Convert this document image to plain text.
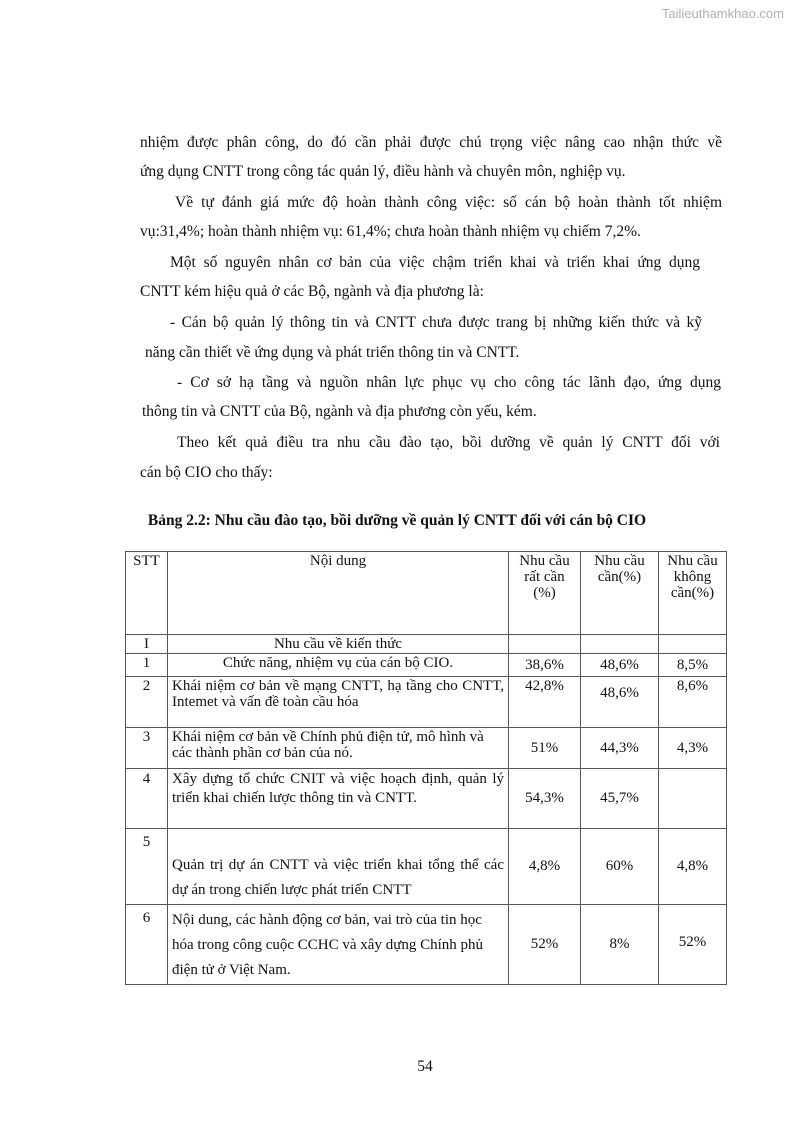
Tailieuthamkhao.com
nhiệm được phân công, do đó cần phải được chú trọng việc nâng cao nhận thức về
ứng dụng CNTT trong công tác quản lý, điều hành và chuyên môn, nghiệp vụ.
Về tự đánh giá mức độ hoàn thành công việc: số cán bộ hoàn thành tốt nhiệm
vụ:31,4%; hoàn thành nhiệm vụ: 61,4%; chưa hoàn thành nhiệm vụ chiếm 7,2%.
Một số nguyên nhân cơ bản của việc chậm triển khai và triển khai ứng dụng
CNTT kém hiệu quả ở các Bộ, ngành và địa phương là:
- Cán bộ quản lý thông tin và CNTT chưa được trang bị những kiến thức và kỹ
năng cần thiết về ứng dụng và phát triển thông tin và CNTT.
- Cơ sở hạ tầng và nguồn nhân lực phục vụ cho công tác lãnh đạo, ứng dụng
thông tin và CNTT của Bộ, ngành và địa phương còn yếu, kém.
Theo kết quả điều tra nhu cầu đào tạo, bồi dưỡng về quản lý CNTT đối với
cán bộ CIO cho thấy:
Bảng 2.2: Nhu cầu đào tạo, bồi dưỡng về quản lý CNTT đối với cán bộ CIO
STT	Nội dung	Nhu cầu rất cần (%)	Nhu cầu cần(%)	Nhu cầu không cần(%)
I	Nhu cầu về kiến thức			
1	Chức năng, nhiệm vụ của cán bộ CIO.	38,6%	48,6%	8,5%
2	Khái niệm cơ bản về mạng CNTT, hạ tầng cho CNTT, Intemet và vấn đề toàn cầu hóa	42,8%	48,6%	8,6%
3	Khái niệm cơ bản về Chính phủ điện tử, mô hình và các thành phần cơ bản của nó.	51%	44,3%	4,3%
4	Xây dựng tổ chức CNIT và việc hoạch định, quản lý triển khai chiến lược thông tin và CNTT.	54,3%	45,7%	
5	Quản trị dự án CNTT và việc triển khai tổng thể các dự án trong chiến lược phát triển CNTT	4,8%	60%	4,8%
6	Nội dung, các hành động cơ bản, vai trò của tin học hóa trong công cuộc CCHC và xây dựng Chính phủ điện tử ở Việt Nam.	52%	8%	52%
54
